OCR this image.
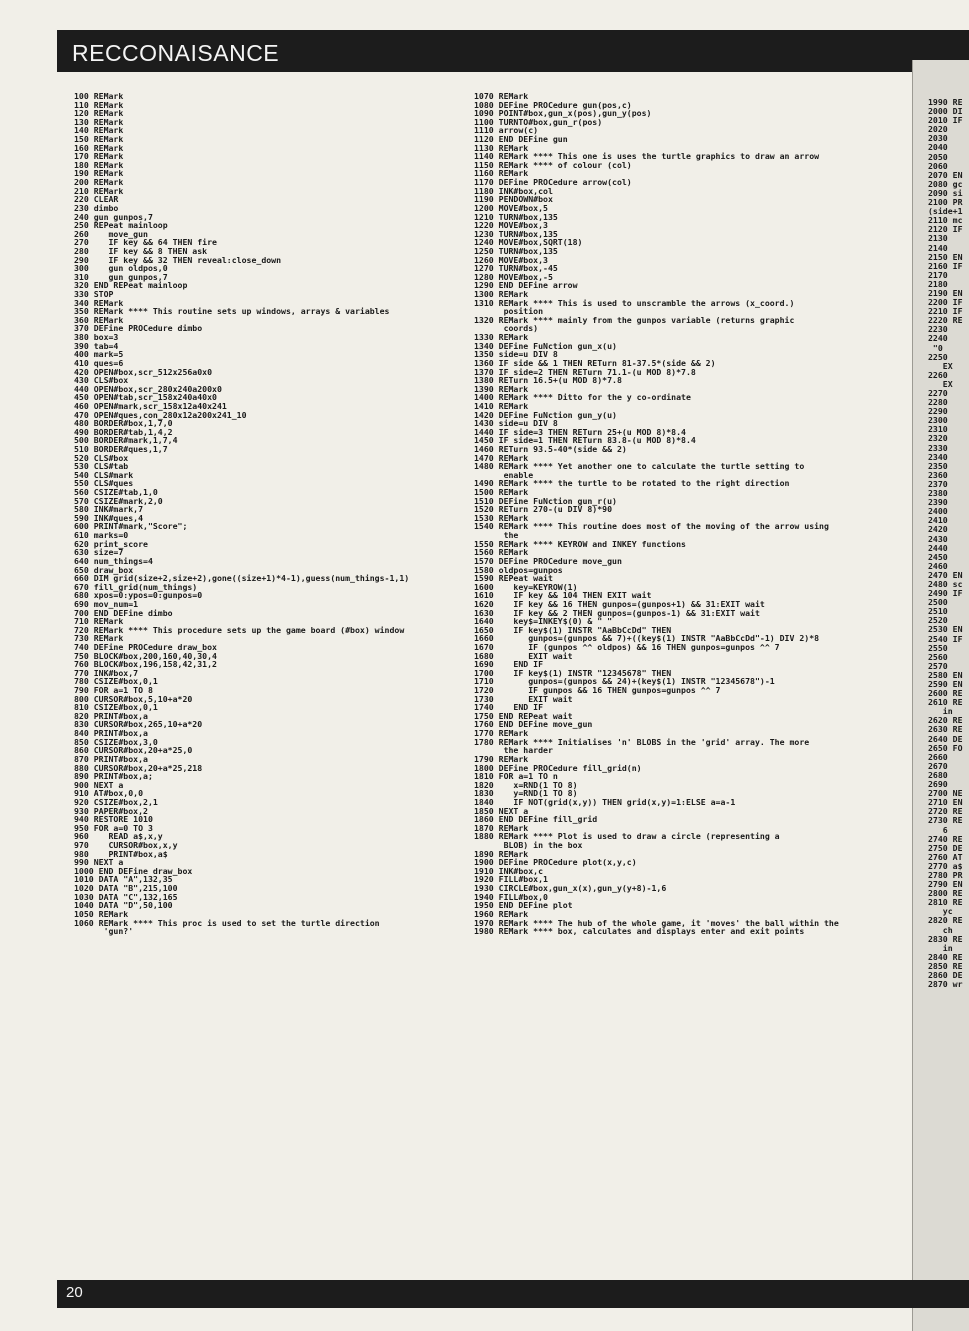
RECCONAISANCE
100 REMark
110 REMark
120 REMark
130 REMark
140 REMark
150 REMark
160 REMark
170 REMark
180 REMark
190 REMark
200 REMark
210 REMark
220 CLEAR
230 dimbo
240 gun gunpos,7
250 REPeat mainloop
260    move_gun
270    IF key && 64 THEN fire
280    IF key && 8 THEN ask
290    IF key && 32 THEN reveal:close_down
300    gun oldpos,0
310    gun gunpos,7
320 END REPeat mainloop
330 STOP
340 REMark
350 REMark **** This routine sets up windows, arrays & variables
360 REMark
370 DEFine PROCedure dimbo
380 box=3
390 tab=4
400 mark=5
410 ques=6
420 OPEN#box,scr_512x256a0x0
430 CLS#box
440 OPEN#box,scr_280x240a200x0
450 OPEN#tab,scr_158x240a40x0
460 OPEN#mark,scr_158x12a40x241
470 OPEN#ques,con_280x12a200x241_10
480 BORDER#box,1,7,0
490 BORDER#tab,1,4,2
500 BORDER#mark,1,7,4
510 BORDER#ques,1,7
520 CLS#box
530 CLS#tab
540 CLS#mark
550 CLS#ques
560 CSIZE#tab,1,0
570 CSIZE#mark,2,0
580 INK#mark,7
590 INK#ques,4
600 PRINT#mark,"Score";
610 marks=0
620 print_score
630 size=7
640 num_things=4
650 draw_box
660 DIM grid(size+2,size+2),gone((size+1)*4-1),guess(num_things-1,1)
670 fill_grid(num_things)
680 xpos=0:ypos=0:gunpos=0
690 mov_num=1
700 END DEFine dimbo
710 REMark
720 REMark **** This procedure sets up the game board (#box) window
730 REMark
740 DEFine PROCedure draw_box
750 BLOCK#box,200,160,40,30,4
760 BLOCK#box,196,158,42,31,2
770 INK#box,7
780 CSIZE#box,0,1
790 FOR a=1 TO 8
800 CURSOR#box,5,10+a*20
810 CSIZE#box,0,1
820 PRINT#box,a
830 CURSOR#box,265,10+a*20
840 PRINT#box,a
850 CSIZE#box,3,0
860 CURSOR#box,20+a*25,0
870 PRINT#box,a
880 CURSOR#box,20+a*25,218
890 PRINT#box,a;
900 NEXT a
910 AT#box,0,0
920 CSIZE#box,2,1
930 PAPER#box,2
940 RESTORE 1010
950 FOR a=0 TO 3
960    READ a$,x,y
970    CURSOR#box,x,y
980    PRINT#box,a$
990 NEXT a
1000 END DEFine draw_box
1010 DATA "A",132,35
1020 DATA "B",215,100
1030 DATA "C",132,165
1040 DATA "D",50,100
1050 REMark
1060 REMark **** This proc is used to set the turtle direction
'gun?'
1070 REMark
1080 DEFine PROCedure gun(pos,c)
1090 POINT#box,gun_x(pos),gun_y(pos)
1100 TURNTO#box,gun_r(pos)
1110 arrow(c)
1120 END DEFine gun
1130 REMark
1140 REMark **** This one is uses the turtle graphics to draw an arrow
1150 REMark **** of colour (col)
1160 REMark
1170 DEFine PROCedure arrow(col)
1180 INK#box,col
1190 PENDOWN#box
1200 MOVE#box,5
1210 TURN#box,135
1220 MOVE#box,3
1230 TURN#box,135
1240 MOVE#box,SQRT(18)
1250 TURN#box,135
1260 MOVE#box,3
1270 TURN#box,-45
1280 MOVE#box,-5
1290 END DEFine arrow
1300 REMark
1310 REMark **** This is used to unscramble the arrows (x_coord.)
position
1320 REMark **** mainly from the gunpos variable (returns graphic
coords)
1330 REMark
1340 DEFine FuNction gun_x(u)
1350 side=u DIV 8
1360 IF side && 1 THEN RETurn 81-37.5*(side && 2)
1370 IF side=2 THEN RETurn 71.1-(u MOD 8)*7.8
1380 RETurn 16.5+(u MOD 8)*7.8
1390 REMark
1400 REMark **** Ditto for the y co-ordinate
1410 REMark
1420 DEFine FuNction gun_y(u)
1430 side=u DIV 8
1440 IF side=3 THEN RETurn 25+(u MOD 8)*8.4
1450 IF side=1 THEN RETurn 83.8-(u MOD 8)*8.4
1460 RETurn 93.5-40*(side && 2)
1470 REMark
1480 REMark **** Yet another one to calculate the turtle setting to
enable
1490 REMark **** the turtle to be rotated to the right direction
1500 REMark
1510 DEFine FuNction gun_r(u)
1520 RETurn 270-(u DIV 8)*90
1530 REMark
1540 REMark **** This routine does most of the moving of the arrow using
the
1550 REMark **** KEYROW and INKEY functions
1560 REMark
1570 DEFine PROCedure move_gun
1580 oldpos=gunpos
1590 REPeat wait
1600    key=KEYROW(1)
1610    IF key && 104 THEN EXIT wait
1620    IF key && 16 THEN gunpos=(gunpos+1) && 31:EXIT wait
1630    IF key && 2 THEN gunpos=(gunpos-1) && 31:EXIT wait
1640    key$=INKEY$(0) & " "
1650    IF key$(1) INSTR "AaBbCcDd" THEN
1660       gunpos=(gunpos && 7)+((key$(1) INSTR "AaBbCcDd"-1) DIV 2)*8
1670       IF (gunpos ^^ oldpos) && 16 THEN gunpos=gunpos ^^ 7
1680       EXIT wait
1690    END IF
1700    IF key$(1) INSTR "12345678" THEN
1710       gunpos=(gunpos && 24)+(key$(1) INSTR "12345678")-1
1720       IF gunpos && 16 THEN gunpos=gunpos ^^ 7
1730       EXIT wait
1740    END IF
1750 END REPeat wait
1760 END DEFine move_gun
1770 REMark
1780 REMark **** Initialises 'n' BLOBS in the 'grid' array. The more
the harder
1790 REMark
1800 DEFine PROCedure fill_grid(n)
1810 FOR a=1 TO n
1820    x=RND(1 TO 8)
1830    y=RND(1 TO 8)
1840    IF NOT(grid(x,y)) THEN grid(x,y)=1:ELSE a=a-1
1850 NEXT a
1860 END DEFine fill_grid
1870 REMark
1880 REMark **** Plot is used to draw a circle (representing a
BLOB) in the box
1890 REMark
1900 DEFine PROCedure plot(x,y,c)
1910 INK#box,c
1920 FILL#box,1
1930 CIRCLE#box,gun_x(x),gun_y(y+8)-1,6
1940 FILL#box,0
1950 END DEFine plot
1960 REMark
1970 REMark **** The hub of the whole game, it 'moves' the ball within the
1980 REMark **** box, calculates and displays enter and exit points
1990 RE
2000 DI
2010 IF
2020
2030
2040
2050
2060
2070 EN
2080 gc
2090 si
2100 PR
(side+1
2110 mc
2120 IF
2130
2140
2150 EN
2160 IF
2170
2180
2190 EN
2200 IF
2210 IF
2220 RE
2230
2240
"0
2250
EX
2260
EX
2270
2280
2290
2300
2310
2320
2330
2340
2350
2360
2370
2380
2390
2400
2410
2420
2430
2440
2450
2460
2470 EN
2480 sc
2490 IF
2500
2510
2520
2530 EN
2540 IF
2550
2560
2570
2580 EN
2590 EN
2600 RE
2610 RE
in
2620 RE
2630 RE
2640 DE
2650 FO
2660
2670
2680
2690
2700 NE
2710 EN
2720 RE
2730 RE
6
2740 RE
2750 DE
2760 AT
2770 a$
2780 PR
2790 EN
2800 RE
2810 RE
yc
2820 RE
ch
2830 RE
in
2840 RE
2850 RE
2860 DE
2870 wr
20
